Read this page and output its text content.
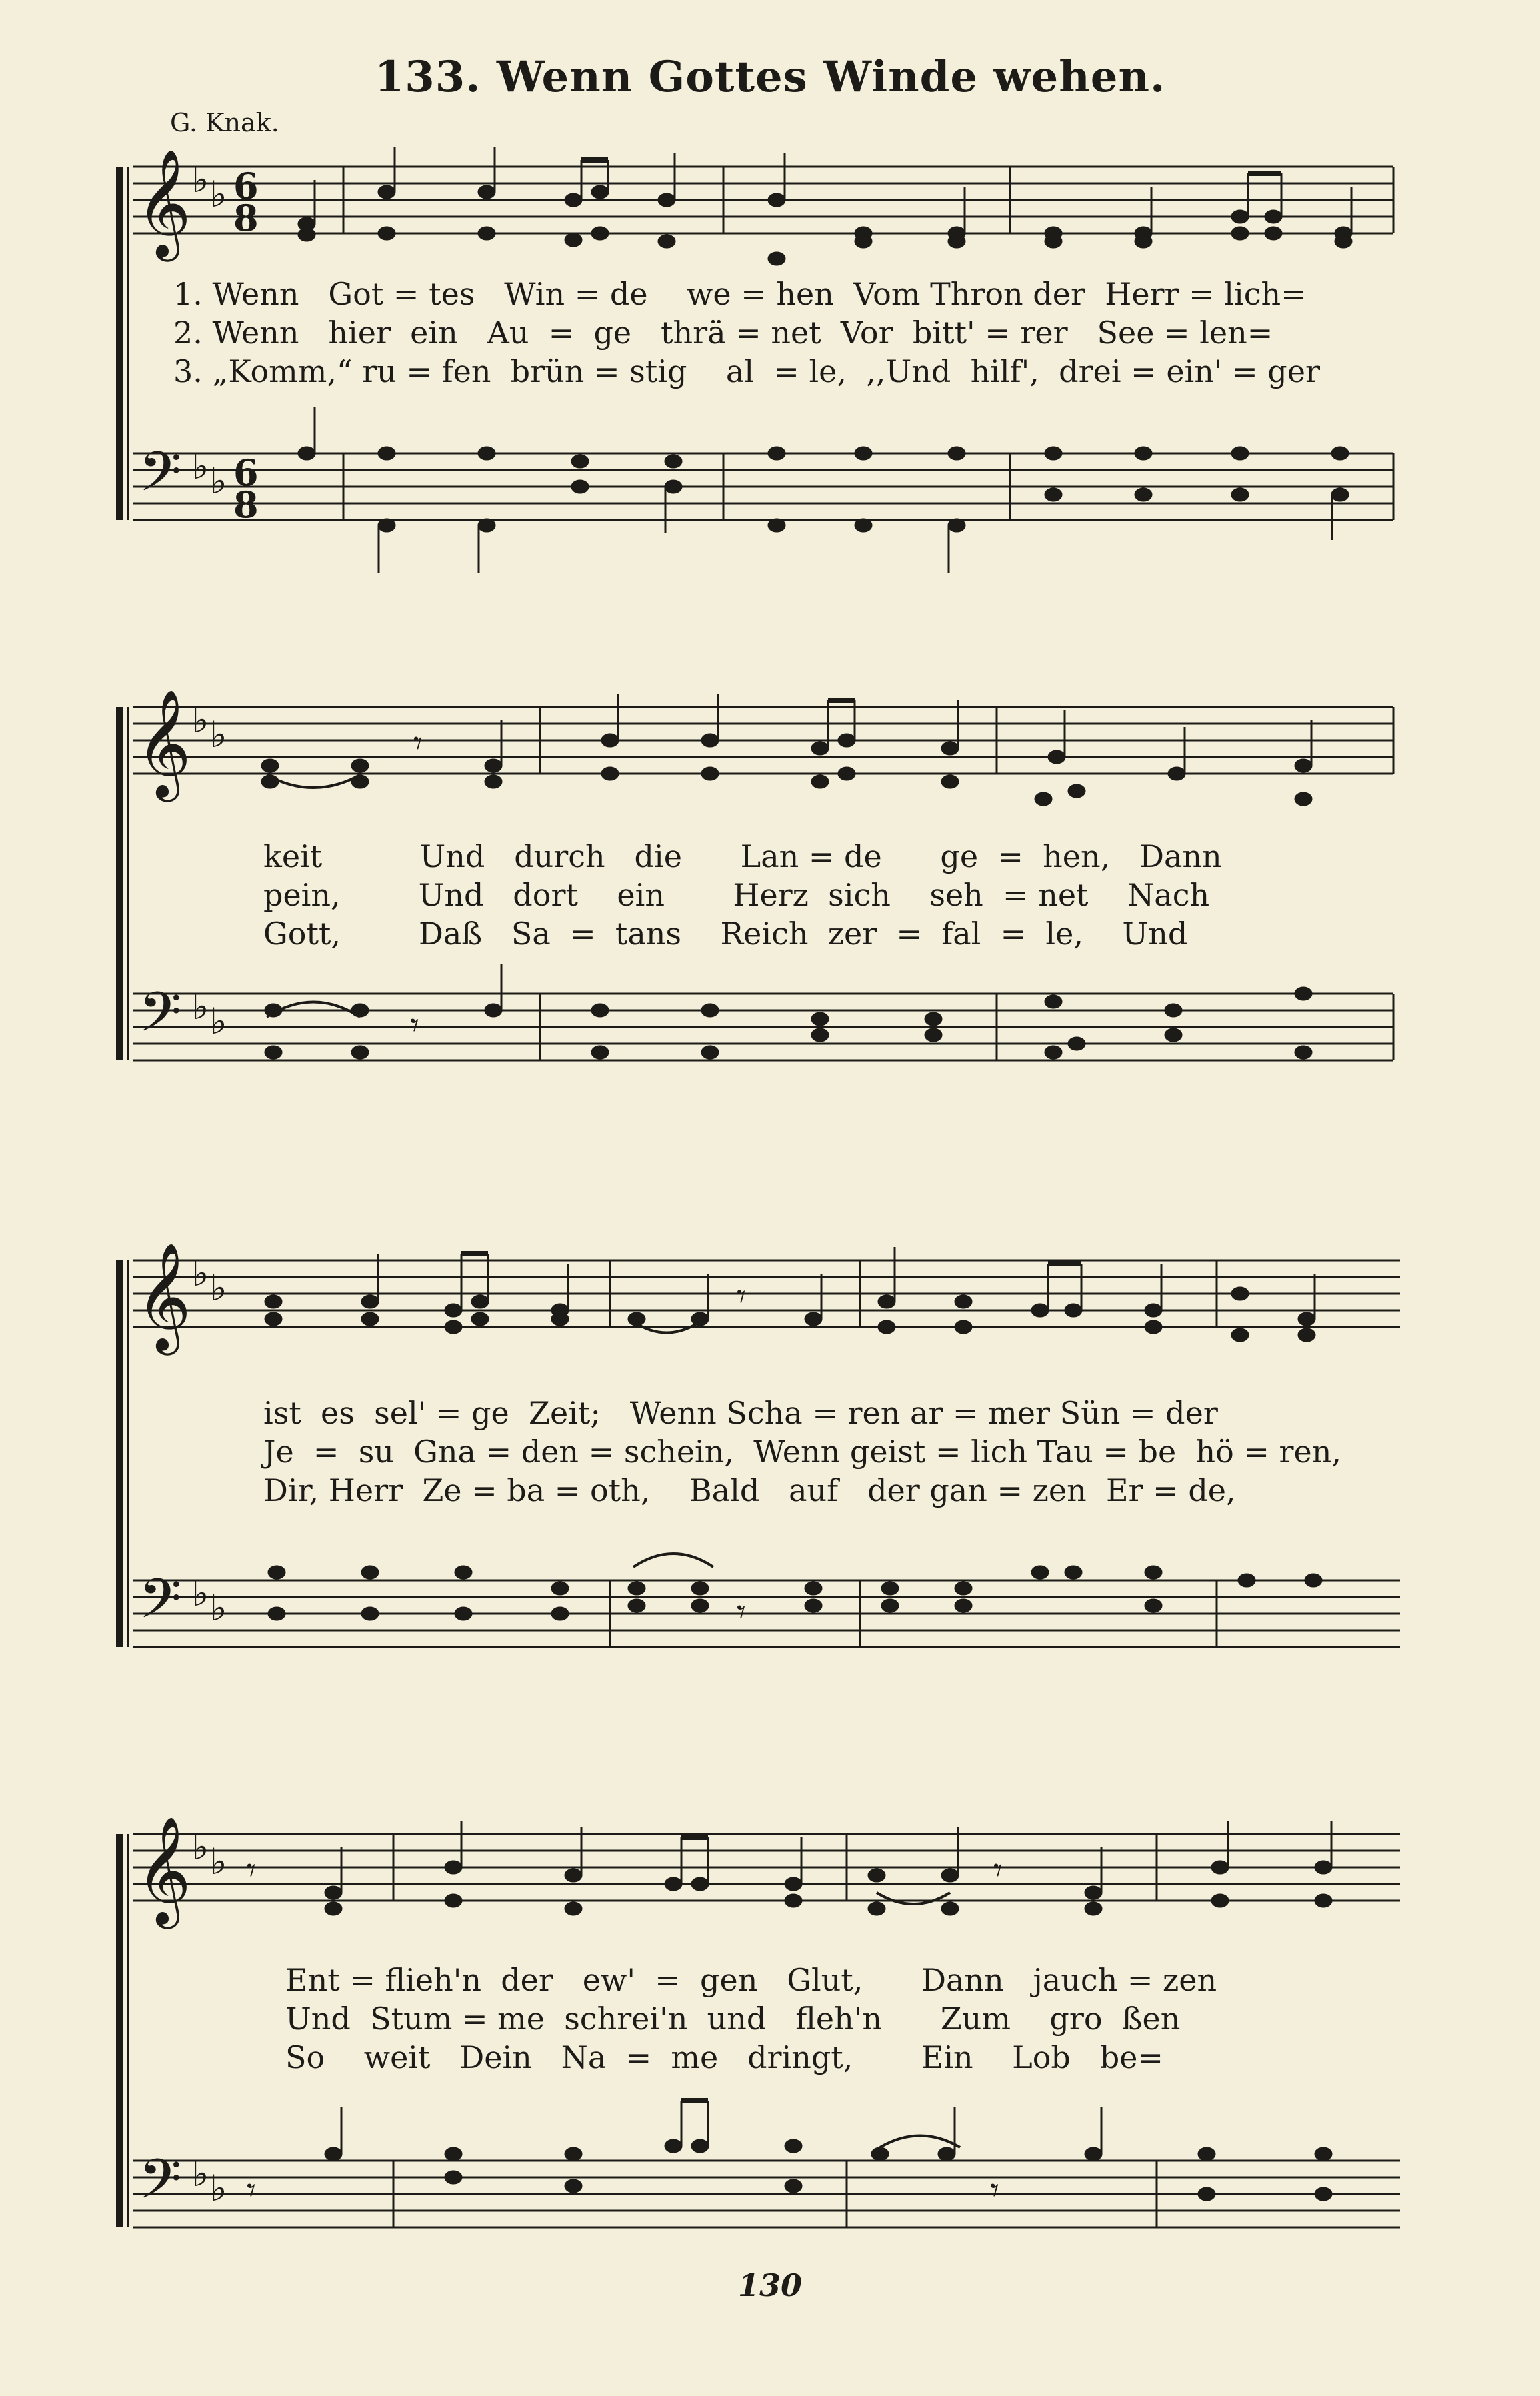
133. Wenn Gottes Winde wehen.
G. Knak.
𝄞
𝄢
♭ ♭
♭ ♭
6
8
6
8
1. Wenn   Got = tes   Win = de    we = hen  Vom Thron der  Herr = lich=
2. Wenn   hier  ein   Au  =  ge   thrä = net  Vor  bitt' = rer   See = len=
3. „Komm,“ ru = fen  brün = stig    al  = le,  ,,Und  hilf',  drei = ein' = ger
𝄞
𝄢
♭ ♭
♭ ♭
𝄾
𝄾
keit          Und   durch   die      Lan = de      ge  =  hen,   Dann
pein,        Und   dort    ein       Herz  sich    seh  = net    Nach
Gott,        Daß   Sa  =  tans    Reich  zer  =  fal  =  le,    Und
𝄞
𝄢
♭ ♭
♭ ♭
𝄾
𝄾
ist  es  sel' = ge  Zeit;   Wenn Scha = ren ar = mer Sün = der
Je  =  su  Gna = den = schein,  Wenn geist = lich Tau = be  hö = ren,
Dir, Herr  Ze = ba = oth,    Bald   auf   der gan = zen  Er = de,
𝄞
𝄢
♭ ♭
♭ ♭
𝄾	𝄾
𝄾	𝄾
Ent = flieh'n  der   ew'  =  gen   Glut,      Dann   jauch = zen
Und  Stum = me  schrei'n  und   fleh'n      Zum    gro  ßen
So    weit   Dein   Na  =  me   dringt,       Ein    Lob   be=
130
